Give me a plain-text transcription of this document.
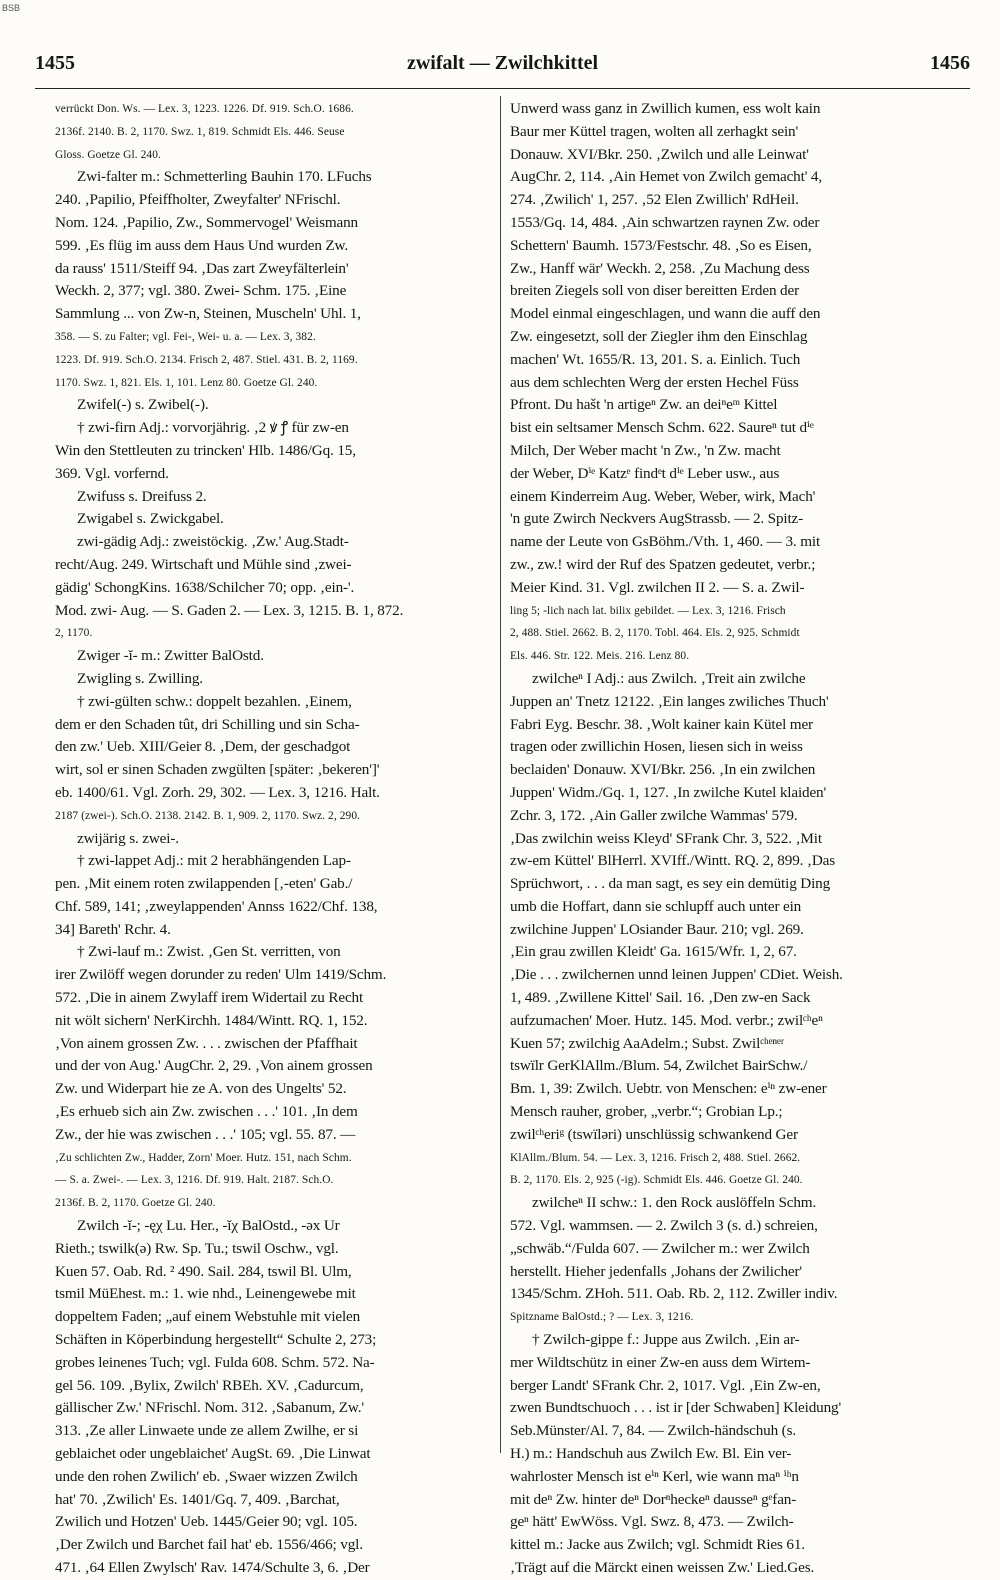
BSB
1455	zwifalt — Zwilchkittel	1456
verrückt Don. Ws. — Lex. 3, 1223. 1226. Df. 919. Sch.O. 1686.
2136f. 2140. B. 2, 1170. Swz. 1, 819. Schmidt Els. 446. Seuse
Gloss. Goetze Gl. 240.
Zwi-falter m.: Schmetterling Bauhin 170. LFuchs
240. ‚Papilio, Pfeiffholter, Zweyfalter' NFrischl.
Nom. 124. ‚Papilio, Zw., Sommervogel' Weismann
599. ‚Es flüg im auss dem Haus Und wurden Zw.
da rauss' 1511/Steiff 94. ‚Das zart Zweyfälterlein'
Weckh. 2, 377; vgl. 380. Zwei- Schm. 175. ‚Eine
Sammlung ... von Zw-n, Steinen, Muscheln' Uhl. 1,
358. — S. zu Falter; vgl. Fei-, Wei- u. a. — Lex. 3, 382.
1223. Df. 919. Sch.O. 2134. Frisch 2, 487. Stiel. 431. B. 2, 1169.
1170. Swz. 1, 821. Els. 1, 101. Lenz 80. Goetze Gl. 240.
Zwifel(-) s. Zwibel(-).
† zwi-firn Adj.: vorvorjährig. ‚2 ꝟ ꝭ für zw-en
Win den Stettleuten zu trincken' Hlb. 1486/Gq. 15,
369. Vgl. vorfernd.
Zwifuss s. Dreifuss 2.
Zwigabel s. Zwickgabel.
zwi-gädig Adj.: zweistöckig. ‚Zw.' Aug.Stadt-
recht/Aug. 249. Wirtschaft und Mühle sind ‚zwei-
gädig' SchongKins. 1638/Schilcher 70; opp. ‚ein-'.
Mod. zwi- Aug. — S. Gaden 2. — Lex. 3, 1215. B. 1, 872.
2, 1170.
Zwiger -ĭ- m.: Zwitter BalOstd.
Zwigling s. Zwilling.
† zwi-gülten schw.: doppelt bezahlen. ‚Einem,
dem er den Schaden tût, dri Schilling und sin Scha-
den zw.' Ueb. XIII/Geier 8. ‚Dem, der geschadgot
wirt, sol er sinen Schaden zwgülten [später: ‚bekeren']'
eb. 1400/61. Vgl. Zorh. 29, 302. — Lex. 3, 1216. Halt.
2187 (zwei-). Sch.O. 2138. 2142. B. 1, 909. 2, 1170. Swz. 2, 290.
zwijärig s. zwei-.
† zwi-lappet Adj.: mit 2 herabhängenden Lap-
pen. ‚Mit einem roten zwilappenden [‚-eten' Gab./
Chf. 589, 141; ‚zweylappenden' Annss 1622/Chf. 138,
34] Bareth' Rchr. 4.
† Zwi-lauf m.: Zwist. ‚Gen St. verritten, von
irer Zwilöff wegen dorunder zu reden' Ulm 1419/Schm.
572. ‚Die in ainem Zwylaff irem Widertail zu Recht
nit wölt sichern' NerKirchh. 1484/Wintt. RQ. 1, 152.
‚Von ainem grossen Zw. . . . zwischen der Pfaffhait
und der von Aug.' AugChr. 2, 29. ‚Von ainem grossen
Zw. und Widerpart hie ze A. von des Ungelts' 52.
‚Es erhueb sich ain Zw. zwischen . . .' 101. ‚In dem
Zw., der hie was zwischen . . .' 105; vgl. 55. 87. —
‚Zu schlichten Zw., Hadder, Zorn' Moer. Hutz. 151, nach Schm.
— S. a. Zwei-. — Lex. 3, 1216. Df. 919. Halt. 2187. Sch.O.
2136f. B. 2, 1170. Goetze Gl. 240.
Zwilch -ĭ-; -ęχ Lu. Her., -ĭχ BalOstd., -əx Ur
Rieth.; tswilk(ə) Rw. Sp. Tu.; tswil Oschw., vgl.
Kuen 57. Oab. Rd. ² 490. Sail. 284, tswil Bl. Ulm,
tsmil MüEhest. m.: 1. wie nhd., Leinengewebe mit
doppeltem Faden; „auf einem Webstuhle mit vielen
Schäften in Köperbindung hergestellt“ Schulte 2, 273;
grobes leinenes Tuch; vgl. Fulda 608. Schm. 572. Na-
gel 56. 109. ‚Bylix, Zwilch' RBEh. XV. ‚Cadurcum,
gällischer Zw.' NFrischl. Nom. 312. ‚Sabanum, Zw.'
313. ‚Ze aller Linwaete unde ze allem Zwilhe, er si
geblaichet oder ungeblaichet' AugSt. 69. ‚Die Linwat
unde den rohen Zwilich' eb. ‚Swaer wizzen Zwilch
hat' 70. ‚Zwilich' Es. 1401/Gq. 7, 409. ‚Barchat,
Zwilich und Hotzen' Ueb. 1445/Geier 90; vgl. 105.
‚Der Zwilch und Barchet fail hat' eb. 1556/466; vgl.
471. ‚64 Ellen Zwylsch' Rav. 1474/Schulte 3, 6. ‚Der
Unwerd wass ganz in Zwillich kumen, ess wolt kain
Baur mer Küttel tragen, wolten all zerhagkt sein'
Donauw. XVI/Bkr. 250. ‚Zwilch und alle Leinwat'
AugChr. 2, 114. ‚Ain Hemet von Zwilch gemacht' 4,
274. ‚Zwilich' 1, 257. ‚52 Elen Zwillich' RdHeil.
1553/Gq. 14, 484. ‚Ain schwartzen raynen Zw. oder
Schettern' Baumh. 1573/Festschr. 48. ‚So es Eisen,
Zw., Hanff wär' Weckh. 2, 258. ‚Zu Machung dess
breiten Ziegels soll von diser bereitten Erden der
Model einmal eingeschlagen, und wann die auff den
Zw. eingesetzt, soll der Ziegler ihm den Einschlag
machen' Wt. 1655/R. 13, 201. S. a. Einlich. Tuch
aus dem schlechten Werg der ersten Hechel Füss
Pfront. Du hašt 'n artigeⁿ Zw. an deiⁿeᵐ Kittel
bist ein seltsamer Mensch Schm. 622. Saureⁿ tut dⁱᵉ
Milch, Der Weber macht 'n Zw., 'n Zw. macht
der Weber, Dⁱᵉ Katzᵉ findᵉt dⁱᵉ Leber usw., aus
einem Kinderreim Aug. Weber, Weber, wirk, Mach'
'n gute Zwirch Neckvers AugStrassb. — 2. Spitz-
name der Leute von GsBöhm./Vth. 1, 460. — 3. mit
zw., zw.! wird der Ruf des Spatzen gedeutet, verbr.;
Meier Kind. 31. Vgl. zwilchen II 2. — S. a. Zwil-
ling 5; -lich nach lat. bilix gebildet. — Lex. 3, 1216. Frisch
2, 488. Stiel. 2662. B. 2, 1170. Tobl. 464. Els. 2, 925. Schmidt
Els. 446. Str. 122. Meis. 216. Lenz 80.
zwilcheⁿ I Adj.: aus Zwilch. ‚Treit ain zwilche
Juppen an' Tnetz 12122. ‚Ein langes zwiliches Thuch'
Fabri Eyg. Beschr. 38. ‚Wolt kainer kain Kütel mer
tragen oder zwillichin Hosen, liesen sich in weiss
beclaiden' Donauw. XVI/Bkr. 256. ‚In ein zwilchen
Juppen' Widm./Gq. 1, 127. ‚In zwilche Kutel klaiden'
Zchr. 3, 172. ‚Ain Galler zwilche Wammas' 579.
‚Das zwilchin weiss Kleyd' SFrank Chr. 3, 522. ‚Mit
zw-em Küttel' BlHerrl. XVIff./Wintt. RQ. 2, 899. ‚Das
Sprüchwort, . . . da man sagt, es sey ein demütig Ding
umb die Hoffart, dann sie schlupff auch unter ein
zwilchine Juppen' LOsiander Baur. 210; vgl. 269.
‚Ein grau zwillen Kleidt' Ga. 1615/Wfr. 1, 2, 67.
‚Die . . . zwilchernen unnd leinen Juppen' CDiet. Weish.
1, 489. ‚Zwillene Kittel' Sail. 16. ‚Den zw-en Sack
aufzumachen' Moer. Hutz. 145. Mod. verbr.; zwilᶜʰeⁿ
Kuen 57; zwilchig AaAdelm.; Subst. Zwilᶜʰᵉⁿᵉʳ
tswïlr GerKlAllm./Blum. 54, Zwilchet BairSchw./
Bm. 1, 39: Zwilch. Uebtr. von Menschen: eⁱⁿ zw-ener
Mensch rauher, grober, „verbr.“; Grobian Lp.;
zwilᶜʰeriᵍ (tswïləri) unschlüssig schwankend Ger
KlAllm./Blum. 54. — Lex. 3, 1216. Frisch 2, 488. Stiel. 2662.
B. 2, 1170. Els. 2, 925 (-ig). Schmidt Els. 446. Goetze Gl. 240.
zwilcheⁿ II schw.: 1. den Rock auslöffeln Schm.
572. Vgl. wammsen. — 2. Zwilch 3 (s. d.) schreien,
„schwäb.“/Fulda 607. — Zwilcher m.: wer Zwilch
herstellt. Hieher jedenfalls ‚Johans der Zwilicher'
1345/Schm. ZHoh. 511. Oab. Rb. 2, 112. Zwiller indiv.
Spitzname BalOstd.; ? — Lex. 3, 1216.
† Zwilch-gippe f.: Juppe aus Zwilch. ‚Ein ar-
mer Wildtschütz in einer Zw-en auss dem Wirtem-
berger Landt' SFrank Chr. 2, 1017. Vgl. ‚Ein Zw-en,
zwen Bundtschuoch . . . ist ir [der Schwaben] Kleidung'
Seb.Münster/Al. 7, 84. — Zwilch-händschuh (s.
H.) m.: Handschuh aus Zwilch Ew. Bl. Ein ver-
wahrloster Mensch ist eⁱⁿ Kerl, wie wann maⁿ ⁱʰn
mit deⁿ Zw. hinter deⁿ Dorⁿheckeⁿ dausseⁿ gᵉfan-
geⁿ hätt' EwWöss. Vgl. Swz. 8, 473. — Zwilch-
kittel m.: Jacke aus Zwilch; vgl. Schmidt Ries 61.
‚Trägt auf die Märckt einen weissen Zw.' Lied.Ges.
